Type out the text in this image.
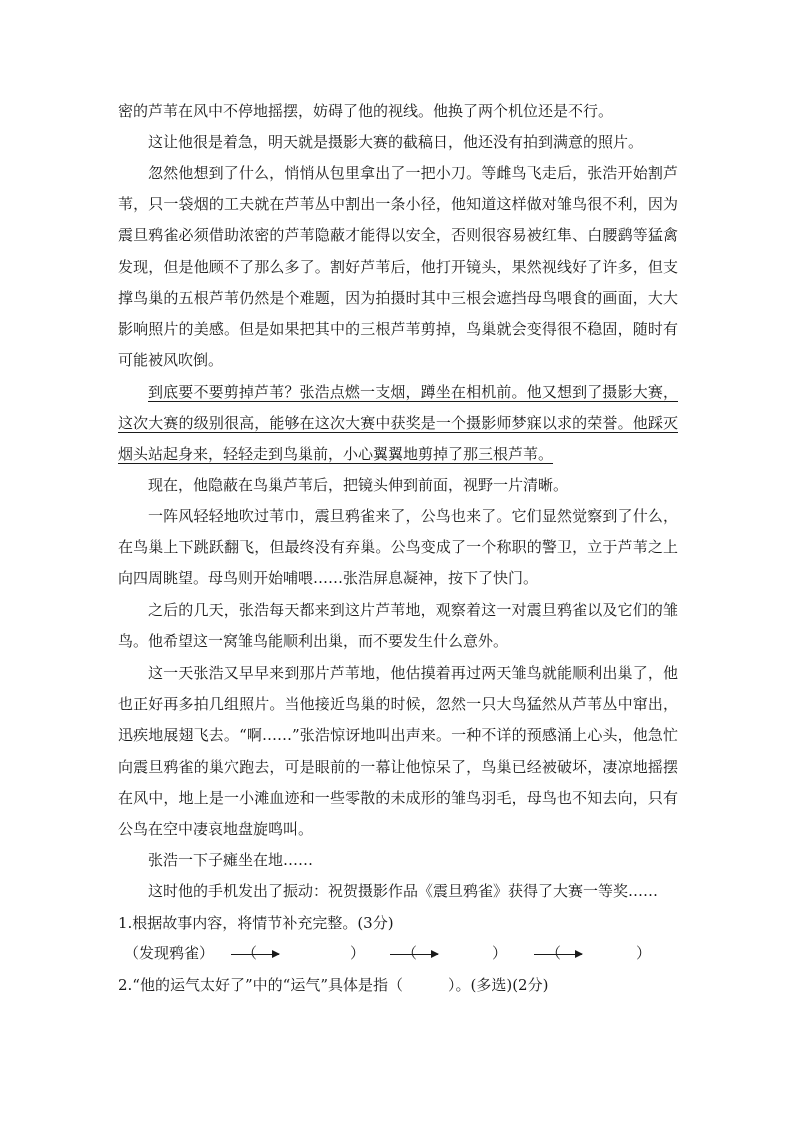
密的芦苇在风中不停地摇摆，妨碍了他的视线。他换了两个机位还是不行。

这让他很是着急，明天就是摄影大赛的截稿日，他还没有拍到满意的照片。

忽然他想到了什么，悄悄从包里拿出了一把小刀。等雌鸟飞走后，张浩开始割芦苇，只一袋烟的工夫就在芦苇丛中割出一条小径，他知道这样做对雏鸟很不利，因为震旦鸦雀必须借助浓密的芦苇隐蔽才能得以安全，否则很容易被红隼、白腰鹞等猛禽发现，但是他顾不了那么多了。割好芦苇后，他打开镜头，果然视线好了许多，但支撑鸟巢的五根芦苇仍然是个难题，因为拍摄时其中三根会遮挡母鸟喂食的画面，大大影响照片的美感。但是如果把其中的三根芦苇剪掉，鸟巢就会变得很不稳固，随时有可能被风吹倒。

到底要不要剪掉芦苇？张浩点燃一支烟，蹲坐在相机前。他又想到了摄影大赛，这次大赛的级别很高，能够在这次大赛中获奖是一个摄影师梦寐以求的荣誉。他踩灭烟头站起身来，轻轻走到鸟巢前，小心翼翼地剪掉了那三根芦苇。

现在，他隐蔽在鸟巢芦苇后，把镜头伸到前面，视野一片清晰。

一阵风轻轻地吹过苇巾，震旦鸦雀来了，公鸟也来了。它们显然觉察到了什么，在鸟巢上下跳跃翻飞，但最终没有弃巢。公鸟变成了一个称职的警卫，立于芦苇之上向四周眺望。母鸟则开始哺喂……张浩屏息凝神，按下了快门。

之后的几天，张浩每天都来到这片芦苇地，观察着这一对震旦鸦雀以及它们的雏鸟。他希望这一窝雏鸟能顺利出巢，而不要发生什么意外。

这一天张浩又早早来到那片芦苇地，他估摸着再过两天雏鸟就能顺利出巢了，他也正好再多拍几组照片。当他接近鸟巢的时候，忽然一只大鸟猛然从芦苇丛中窜出，迅疾地展翅飞去。“啊……”张浩惊讶地叫出声来。一种不详的预感涌上心头，他急忙向震旦鸦雀的巢穴跑去，可是眼前的一幕让他惊呆了，鸟巢已经被破坏，凄凉地摇摆在风中，地上是一小滩血迹和一些零散的未成形的雏鸟羽毛，母鸟也不知去向，只有公鸟在空中凄哀地盘旋鸣叫。

张浩一下子瘫坐在地……

这时他的手机发出了振动：祝贺摄影作品《震旦鸦雀》获得了大赛一等奖……

1.根据故事内容，将情节补充完整。(3分)

（发现鸦雀） （	） （	）	（	）

2.“他的运气太好了”中的“运气”具体是指（　　　）。(多选)(2分)
